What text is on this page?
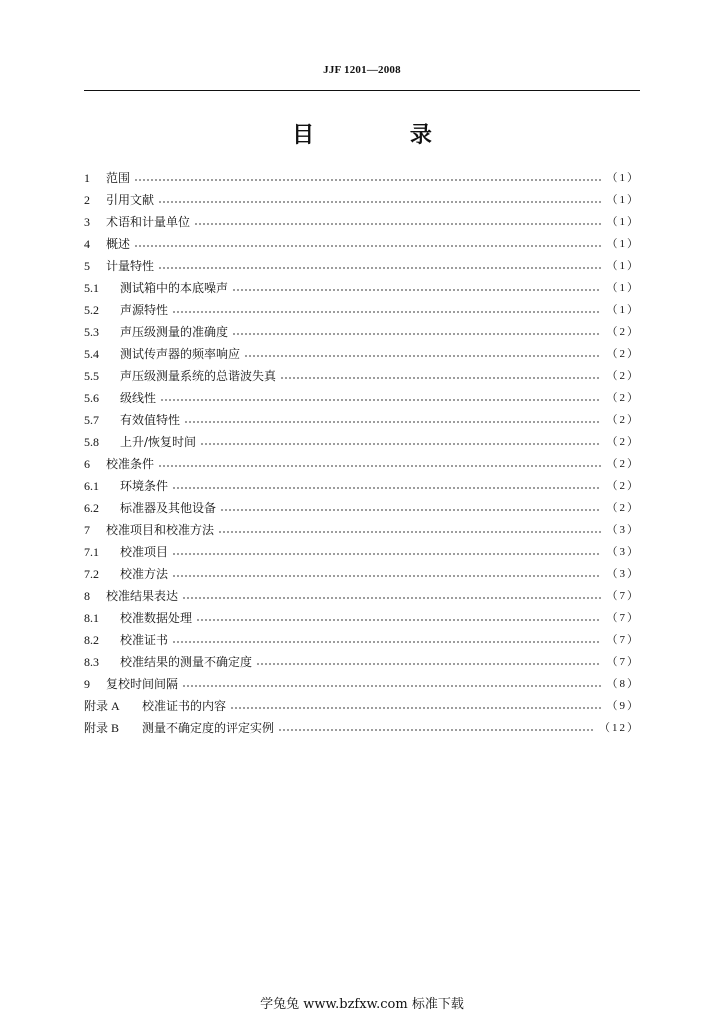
JJF 1201—2008
目 录
1	范围	（1）
2	引用文献	（1）
3	术语和计量单位	（1）
4	概述	（1）
5	计量特性	（1）
5.1	测试箱中的本底噪声	（1）
5.2	声源特性	（1）
5.3	声压级测量的准确度	（2）
5.4	测试传声器的频率响应	（2）
5.5	声压级测量系统的总谐波失真	（2）
5.6	级线性	（2）
5.7	有效值特性	（2）
5.8	上升/恢复时间	（2）
6	校准条件	（2）
6.1	环境条件	（2）
6.2	标准器及其他设备	（2）
7	校准项目和校准方法	（3）
7.1	校准项目	（3）
7.2	校准方法	（3）
8	校准结果表达	（7）
8.1	校准数据处理	（7）
8.2	校准证书	（7）
8.3	校准结果的测量不确定度	（7）
9	复校时间间隔	（8）
附录 A	校准证书的内容	（9）
附录 B	测量不确定度的评定实例	（12）
学兔兔 www.bzfxw.com 标准下载
